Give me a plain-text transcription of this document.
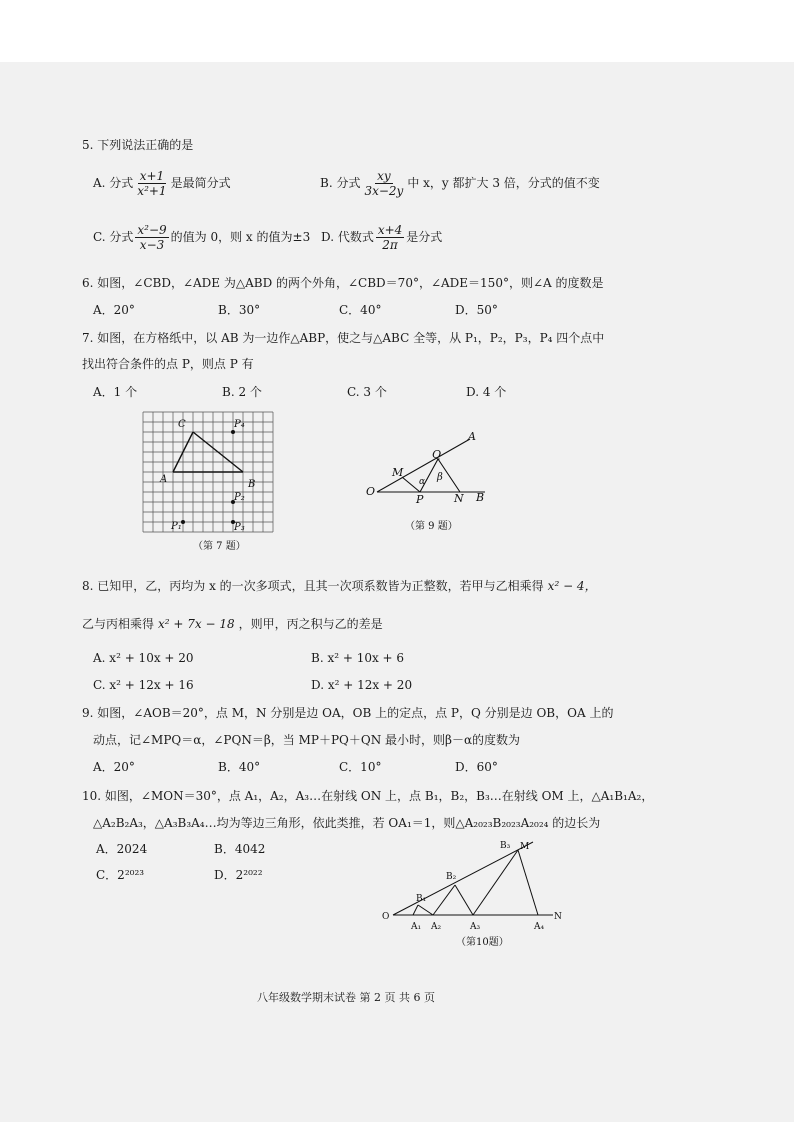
5. 下列说法正确的是
A. 分式 $\frac{x+1}{\text{x²+1}}$ 是最简分式	B. 分式 $\frac{xy}{3x-2y}$ 中 x，y 都扩大 3 倍，分式的值不变
C. 分式 $\frac{\text{x²−9}}{x-3}$ 的值为 0，则 x 的值为±3 D. 代数式 $\frac{x+4}{2\pi}$ 是分式
6. 如图，∠CBD，∠ADE 为△ABD 的两个外角，∠CBD＝70°，∠ADE＝150°，则∠A 的度数是
A．20°	B．30°	C．40°	D．50°
7. 如图，在方格纸中，以 AB 为一边作△ABP，使之与△ABC 全等，从 P₁，P₂，P₃，P₄ 四个点中
找出符合条件的点 P，则点 P 有
A．1 个	B. 2 个	C. 3 个	D. 4 个
C
A	B
P₄
P₂
P₃
P₁
（第 7 题）
O
A
B
M
N
P
Q
α β
（第 9 题）
8. 已知甲，乙，丙均为 x 的一次多项式，且其一次项系数皆为正整数，若甲与乙相乘得 x² − 4，
乙与丙相乘得 x² + 7x − 18 ，则甲，丙之积与乙的差是
A. x² + 10x + 20	B. x² + 10x + 6
C. x² + 12x + 16	D. x² + 12x + 20
9. 如图，∠AOB＝20°，点 M，N 分别是边 OA，OB 上的定点，点 P，Q 分别是边 OB，OA 上的
动点，记∠MPQ＝α，∠PQN＝β，当 MP＋PQ＋QN 最小时，则β－α的度数为
A．20°	B．40°	C．10°	D．60°
10. 如图，∠MON＝30°，点 A₁，A₂，A₃…在射线 ON 上，点 B₁，B₂，B₃…在射线 OM 上，△A₁B₁A₂，
△A₂B₂A₃，△A₃B₃A₄…均为等边三角形，依此类推，若 OA₁＝1，则△A₂₀₂₃B₂₀₂₃A₂₀₂₄ 的边长为
A．2024	B．4042
C．2²⁰²³	D．2²⁰²²
O	N
M
B₁
B₂
B₃
A₁ A₂	A₃	A₄
（第10题）
八年级数学期末试卷 第 2 页 共 6 页
